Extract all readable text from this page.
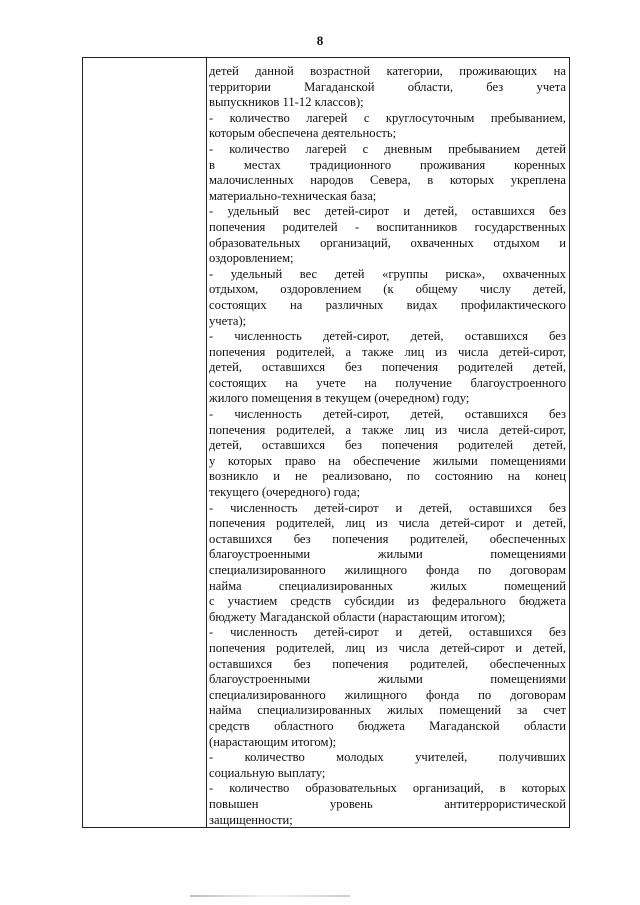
8
детей данной возрастной категории, проживающих на
территории	Магаданской	области,	без	учета
выпускников 11-12 классов);
- количество лагерей с круглосуточным пребыванием,
которым обеспечена деятельность;
- количество лагерей с дневным пребыванием детей
в местах традиционного проживания коренных
малочисленных народов Севера, в которых укреплена
материально-техническая база;
- удельный вес детей-сирот и детей, оставшихся без
попечения родителей - воспитанников государственных
образовательных организаций, охваченных отдыхом и
оздоровлением;
- удельный вес детей «группы риска», охваченных
отдыхом, оздоровлением (к общему числу детей,
состоящих на различных видах профилактического
учета);
- численность детей-сирот, детей, оставшихся без
попечения родителей, а также лиц из числа детей-сирот,
детей, оставшихся без попечения родителей детей,
состоящих на учете на получение благоустроенного
жилого помещения в текущем (очередном) году;
- численность детей-сирот, детей, оставшихся без
попечения родителей, а также лиц из числа детей-сирот,
детей, оставшихся без попечения родителей детей,
у которых право на обеспечение жилыми помещениями
возникло и не реализовано, по состоянию на конец
текущего (очередного) года;
- численность детей-сирот и детей, оставшихся без
попечения родителей, лиц из числа детей-сирот и детей,
оставшихся без попечения родителей, обеспеченных
благоустроенными	жилыми	помещениями
специализированного жилищного фонда по договорам
найма	специализированных	жилых	помещений
с участием средств субсидии из федерального бюджета
бюджету Магаданской области (нарастающим итогом);
- численность детей-сирот и детей, оставшихся без
попечения родителей, лиц из числа детей-сирот и детей,
оставшихся без попечения родителей, обеспеченных
благоустроенными	жилыми	помещениями
специализированного жилищного фонда по договорам
найма специализированных жилых помещений за счет
средств областного бюджета Магаданской области
(нарастающим итогом);
- количество молодых учителей, получивших
социальную выплату;
- количество образовательных организаций, в которых
повышен	уровень	антитеррористической
защищенности;
